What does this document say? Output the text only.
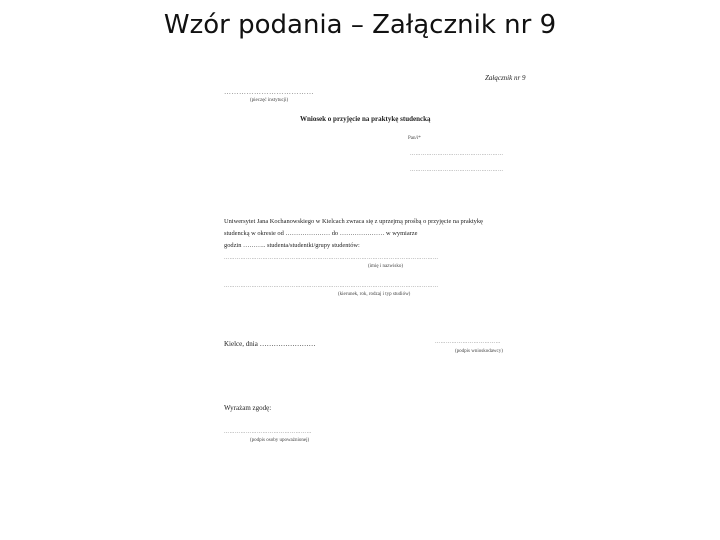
Wzór podania – Załącznik nr 9
Załącznik nr 9
………………………………
(pieczęć instytucji)
Wniosek o przyjęcie na praktykę studencką
Pan/i*
……………………………………………
……………………………………………
Uniwersytet Jana Kochanowskiego w Kielcach zwraca się z uprzejmą prośbą o przyjęcie na praktykę
studencką w okresie od ………………… do ………………… w wymiarze
godzin ……….. studenta/studentki/grupy studentów:
………………………………………………………………………………………………………
(imię i nazwisko)
………………………………………………………………………………………………………
(kierunek, rok, rodzaj i typ studiów)
Kielce, dnia ……………………	………………………………
(podpis wnioskodawcy)
Wyrażam zgodę:
…………………………………………
(podpis osoby upoważnionej)
